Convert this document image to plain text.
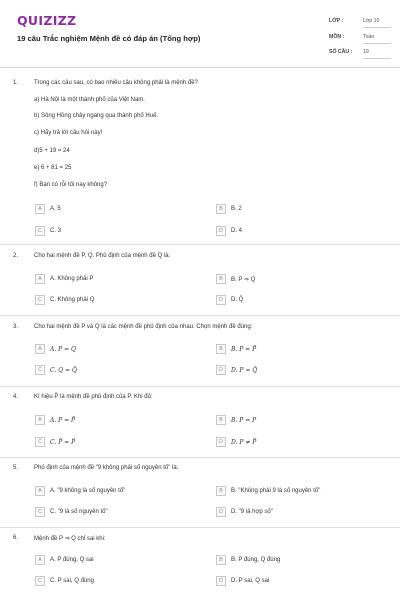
QUIZIZZ
19 câu Trắc nghiệm Mệnh đề có đáp án (Tổng hợp)
LỚP :	Lớp 10
MÔN :	Toán
SỐ CÂU : 19
1.	Trong các câu sau, có bao nhiêu câu không phải là mệnh đề?
a) Hà Nội là một thành phố của Việt Nam.
b) Sông Hồng chảy ngang qua thành phố Huế.
c) Hãy trả lời câu hỏi này!
d)5 + 19 = 24
e) 6 + 81 = 25
f) Bạn có rỗi tối nay không?
A	A. 5	B	B. 2
C	C. 3	D	D. 4
2.	Cho hai mệnh đề P, Q. Phủ định của mệnh đề Q là:
A	A. Không phải P	B	B. P ⇒ Q
C	C. Không phải Q	D	D. Q̄
3.	Cho hai mệnh đề P và Q là các mệnh đề phủ định của nhau. Chọn mệnh đề đúng:
A	A. P = Q	B	B. P = P̄
C	C. Q = Q̄	D	D. P = Q̄
4.	Kí hiệu P̄ là mệnh đề phủ định của P. Khi đó:
A	A. P = P̄	B	B. P = P
C	C. P̄ = P̄	D	D. P ≠ P̄
5.	Phủ định của mệnh đề "9 không phải số nguyên tố" là:
A	A. "9 không là số nguyên tố"	B	B. "Không phải 9 là số nguyên tố"
C	C. "9 là số nguyên tố"	D	D. "9 là hợp số"
6.	Mệnh đề P ⇒ Q chỉ sai khi:
A	A. P đúng, Q sai	B	B. P đúng, Q đúng
C	C. P sai, Q đúng	D	D. P sai, Q sai
